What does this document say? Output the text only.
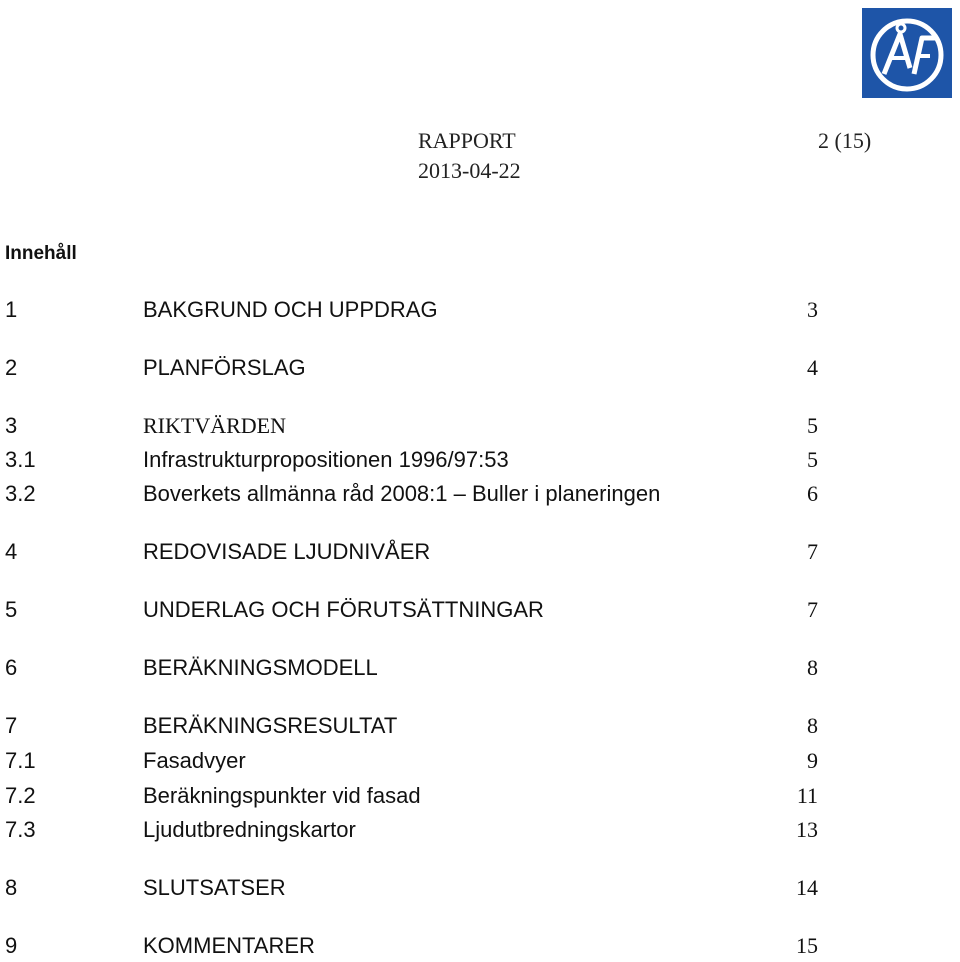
RAPPORT
2013-04-22
2 (15)
Innehåll
1	BAKGRUND OCH UPPDRAG	3
2	PLANFÖRSLAG	4
3	RIKTVÄRDEN	5
3.1	Infrastrukturpropositionen 1996/97:53	5
3.2	Boverkets allmänna råd 2008:1 – Buller i planeringen	6
4	REDOVISADE LJUDNIVÅER	7
5	UNDERLAG OCH FÖRUTSÄTTNINGAR	7
6	BERÄKNINGSMODELL	8
7	BERÄKNINGSRESULTAT	8
7.1	Fasadvyer	9
7.2	Beräkningspunkter vid fasad	11
7.3	Ljudutbredningskartor	13
8	SLUTSATSER	14
9	KOMMENTARER	15
